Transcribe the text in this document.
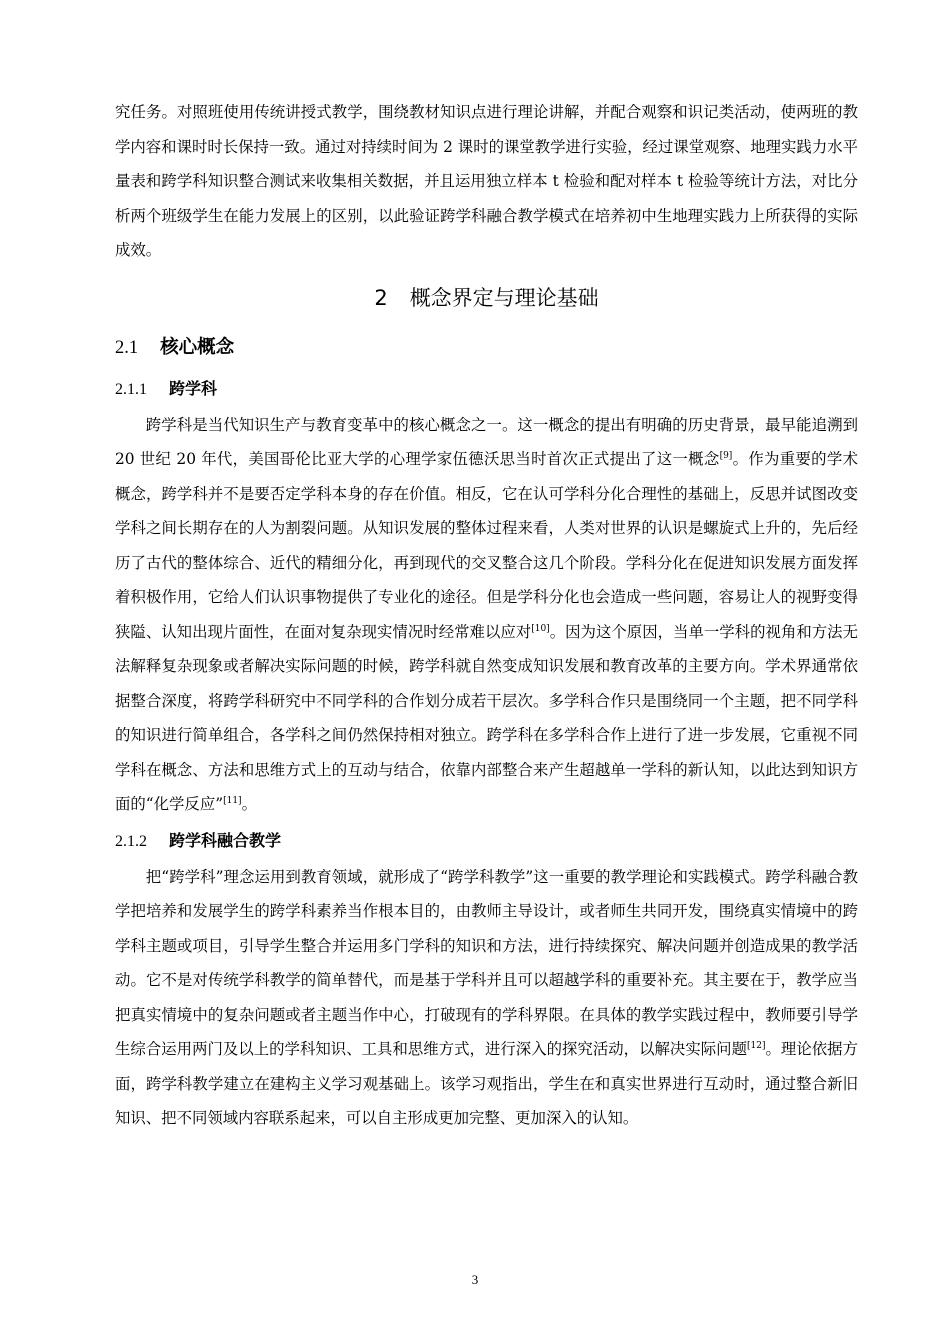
究任务。对照班使用传统讲授式教学，围绕教材知识点进行理论讲解，并配合观察和识记类活动，使两班的教学内容和课时时长保持一致。通过对持续时间为 2 课时的课堂教学进行实验，经过课堂观察、地理实践力水平量表和跨学科知识整合测试来收集相关数据，并且运用独立样本 t 检验和配对样本 t 检验等统计方法，对比分析两个班级学生在能力发展上的区别，以此验证跨学科融合教学模式在培养初中生地理实践力上所获得的实际成效。

2 概念界定与理论基础
2.1 核心概念
2.1.1 跨学科

跨学科是当代知识生产与教育变革中的核心概念之一。这一概念的提出有明确的历史背景，最早能追溯到 20 世纪 20 年代，美国哥伦比亚大学的心理学家伍德沃思当时首次正式提出了这一概念[9]。作为重要的学术概念，跨学科并不是要否定学科本身的存在价值。相反，它在认可学科分化合理性的基础上，反思并试图改变学科之间长期存在的人为割裂问题。从知识发展的整体过程来看，人类对世界的认识是螺旋式上升的，先后经历了古代的整体综合、近代的精细分化，再到现代的交叉整合这几个阶段。学科分化在促进知识发展方面发挥着积极作用，它给人们认识事物提供了专业化的途径。但是学科分化也会造成一些问题，容易让人的视野变得狭隘、认知出现片面性，在面对复杂现实情况时经常难以应对[10]。因为这个原因，当单一学科的视角和方法无法解释复杂现象或者解决实际问题的时候，跨学科就自然变成知识发展和教育改革的主要方向。学术界通常依据整合深度，将跨学科研究中不同学科的合作划分成若干层次。多学科合作只是围绕同一个主题，把不同学科的知识进行简单组合，各学科之间仍然保持相对独立。跨学科在多学科合作上进行了进一步发展，它重视不同学科在概念、方法和思维方式上的互动与结合，依靠内部整合来产生超越单一学科的新认知，以此达到知识方面的“化学反应”[11]。

2.1.2 跨学科融合教学

把“跨学科”理念运用到教育领域，就形成了“跨学科教学”这一重要的教学理论和实践模式。跨学科融合教学把培养和发展学生的跨学科素养当作根本目的，由教师主导设计，或者师生共同开发，围绕真实情境中的跨学科主题或项目，引导学生整合并运用多门学科的知识和方法，进行持续探究、解决问题并创造成果的教学活动。它不是对传统学科教学的简单替代，而是基于学科并且可以超越学科的重要补充。其主要在于，教学应当把真实情境中的复杂问题或者主题当作中心，打破现有的学科界限。在具体的教学实践过程中，教师要引导学生综合运用两门及以上的学科知识、工具和思维方式，进行深入的探究活动，以解决实际问题[12]。理论依据方面，跨学科教学建立在建构主义学习观基础上。该学习观指出，学生在和真实世界进行互动时，通过整合新旧知识、把不同领域内容联系起来，可以自主形成更加完整、更加深入的认知。

3
